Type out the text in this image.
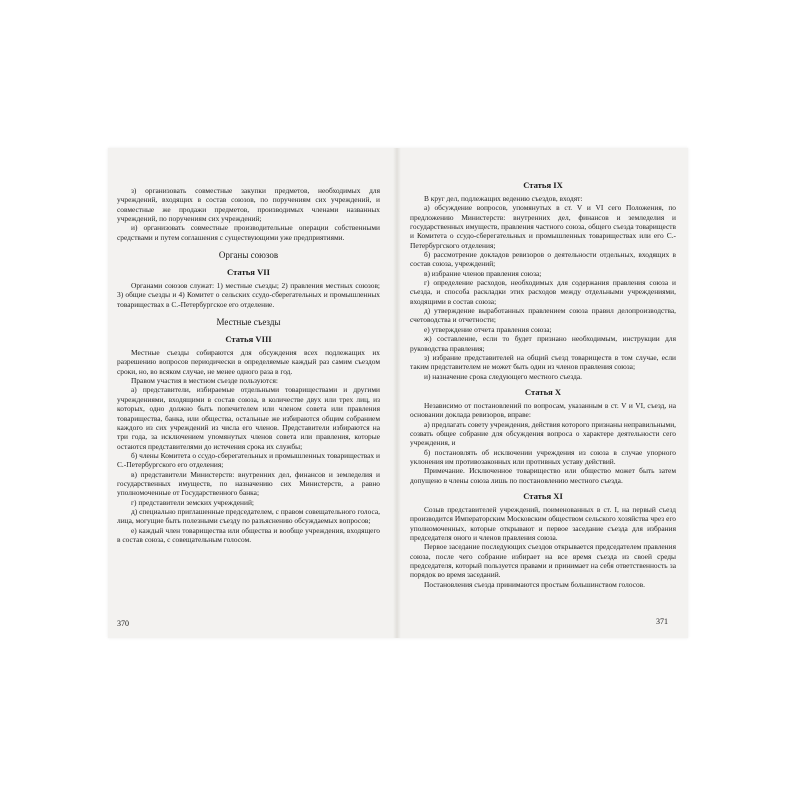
з) организовать совместные закупки предметов, необходимых для учреждений, входящих в состав союзов, по поручениям сих учреждений, и совместные же продажи предметов, производимых членами названных учреждений, по поручениям сих учреждений;

и) организовать совместные производительные операции собственными средствами и путем соглашения с существующими уже предприятиями.

Органы союзов
Статья VII

Органами союзов служат: 1) местные съезды; 2) правления местных союзов; 3) общие съезды и 4) Комитет о сельских ссудо-сберегательных и промышленных товариществах в С.-Петербургское его отделение.

Местные съезды
Статья VIII

Местные съезды собираются для обсуждения всех подлежащих их разрешению вопросов периодически в определяемые каждый раз самим съездом сроки, но, во всяком случае, не менее одного раза в год.

Правом участия в местном съезде пользуются:

а) представители, избираемые отдельными товариществами и другими учреждениями, входящими в состав союза, в количестве двух или трех лиц, из которых, одно должно быть попечителем или членом совета или правления товарищества, банка, или общества, остальные же избираются общим собранием каждого из сих учреждений из числа его членов. Представители избираются на три года, за исключением упомянутых членов совета или правления, которые остаются представителями до истечения срока их службы;

б) члены Комитета о ссудо-сберегательных и промышленных товариществах и С.-Петербургского его отделения;

в) представители Министерств: внутренних дел, финансов и земледелия и государственных имуществ, по назначению сих Министерств, а равно уполномоченные от Государственного банка;

г) представители земских учреждений;

д) специально приглашенные председателем, с правом совещательного голоса, лица, могущие быть полезными съезду по разъяснению обсуждаемых вопросов;

е) каждый член товарищества или общества и вообще учреждения, входящего в состав союза, с совещательным голосом.

370
Статья IX

В круг дел, подлежащих ведению съездов, входят:

а) обсуждение вопросов, упомянутых в ст. V и VI сего Положения, по предложению Министерств: внутренних дел, финансов и земледелия и государственных имуществ, правления частного союза, общего съезда товариществ и Комитета о ссудо-сберегательных и промышленных товариществах или его С.-Петербургского отделения;

б) рассмотрение докладов ревизоров о деятельности отдельных, входящих в состав союза, учреждений;

в) избрание членов правления союза;

г) определение расходов, необходимых для содержания правления союза и съезда, и способа раскладки этих расходов между отдельными учреждениями, входящими в состав союза;

д) утверждение выработанных правлением союза правил делопроизводства, счетоводства и отчетности;

е) утверждение отчета правления союза;

ж) составление, если то будет признано необходимым, инструкции для руководства правления;

з) избрание представителей на общий съезд товариществ в том случае, если таким представителем не может быть один из членов правления союза;

и) назначение срока следующего местного съезда.

Статья X

Независимо от постановлений по вопросам, указанным в ст. V и VI, съезд, на основании доклада ревизоров, вправе:

а) предлагать совету учреждения, действия которого признаны неправильными, созвать общее собрание для обсуждения вопроса о характере деятельности сего учреждения, и

б) постановлять об исключении учреждения из союза в случае упорного уклонения им противозаконных или противных уставу действий.

Примечание. Исключенное товарищество или общество может быть затем допущено в члены союза лишь по постановлению местного съезда.

Статья XI

Созыв представителей учреждений, поименованных в ст. I, на первый съезд производится Императорским Московским обществом сельского хозяйства чрез его уполномоченных, которые открывают и первое заседание съезда для избрания председателя оного и членов правления союза.

Первое заседание последующих съездов открывается председателем правления союза, после чего собрание избирает на все время съезда из своей среды председателя, который пользуется правами и принимает на себя ответственность за порядок во время заседаний.

Постановления съезда принимаются простым большинством голосов.

371
